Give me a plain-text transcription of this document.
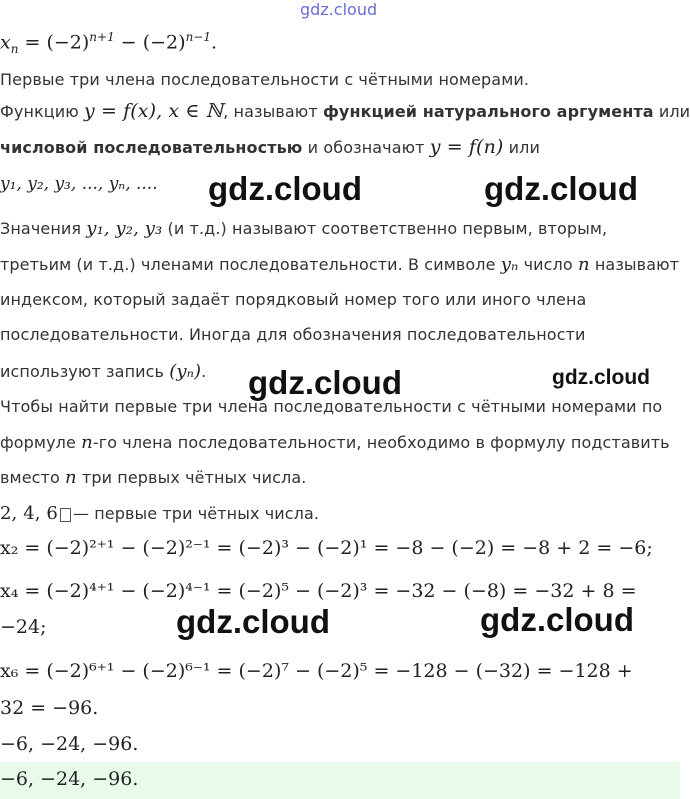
gdz.cloud
$x_n = (-2)^{n+1} - (-2)^{n-1}$.
Первые три члена последовательности с чётными номерами.
Функцию y = f(x), x ∈ ℕ, называют функцией натурального аргумента или
числовой последовательностью и обозначают y = f(n) или
y₁, y₂, y₃, ..., yₙ, ....
Значения y₁, y₂, y₃ (и т.д.) называют соответственно первым, вторым,
третьим (и т.д.) членами последовательности. В символе yₙ число n называют
индексом, который задаёт порядковый номер того или иного члена
последовательности. Иногда для обозначения последовательности
используют запись (yₙ).
Чтобы найти первые три члена последовательности с чётными номерами по
формуле n-го члена последовательности, необходимо в формулу подставить
вместо n три первых чётных числа.
2, 4, 6 — первые три чётных числа.
x₂ = (−2)²⁺¹ − (−2)²⁻¹ = (−2)³ − (−2)¹ = −8 − (−2) = −8 + 2 = −6;
x₄ = (−2)⁴⁺¹ − (−2)⁴⁻¹ = (−2)⁵ − (−2)³ = −32 − (−8) = −32 + 8 =
−24;
x₆ = (−2)⁶⁺¹ − (−2)⁶⁻¹ = (−2)⁷ − (−2)⁵ = −128 − (−32) = −128 +
32 = −96.
−6, −24, −96.
−6, −24, −96.
gdz.cloud	gdz.cloud
gdz.cloud	gdz.cloud
gdz.cloud	gdz.cloud
